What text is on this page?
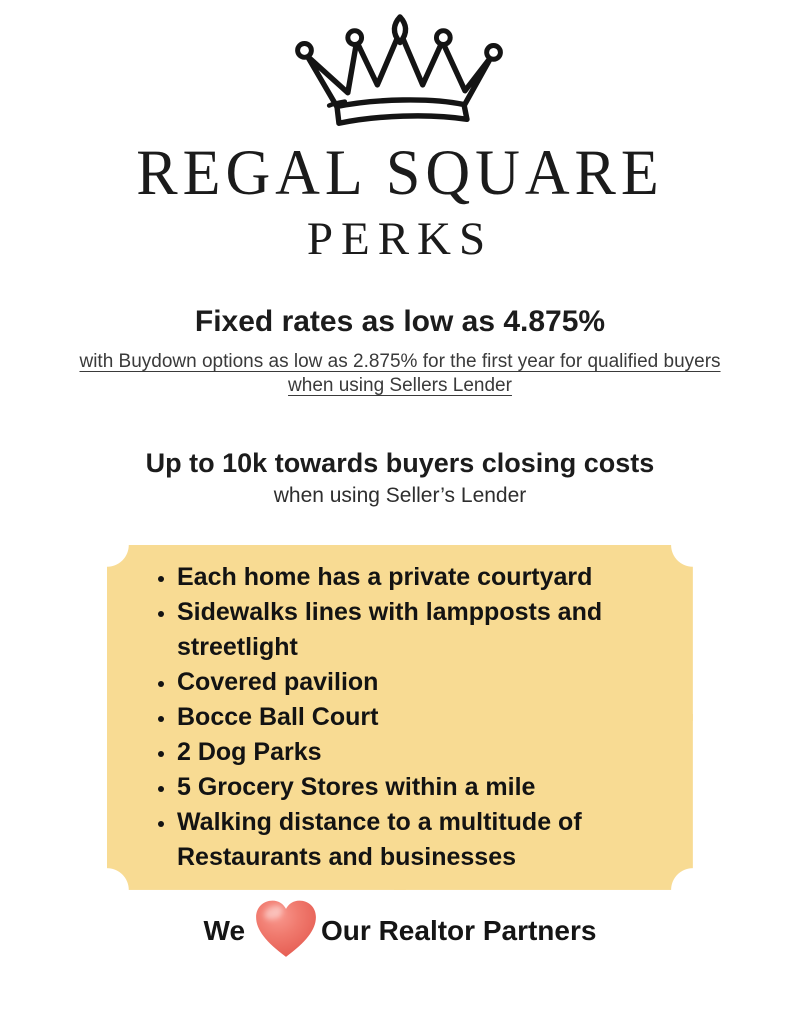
REGAL SQUARE
PERKS
Fixed rates as low as 4.875%
with Buydown options as low as 2.875% for the first year for qualified buyers
when using Sellers Lender
Up to 10k towards buyers closing costs
when using Seller’s Lender
• Each home has a private courtyard
• Sidewalks lines with lampposts and streetlight
• Covered pavilion
• Bocce Ball Court
• 2 Dog Parks
• 5 Grocery Stores within a mile
• Walking distance to a multitude of Restaurants and businesses
We	Our Realtor Partners
